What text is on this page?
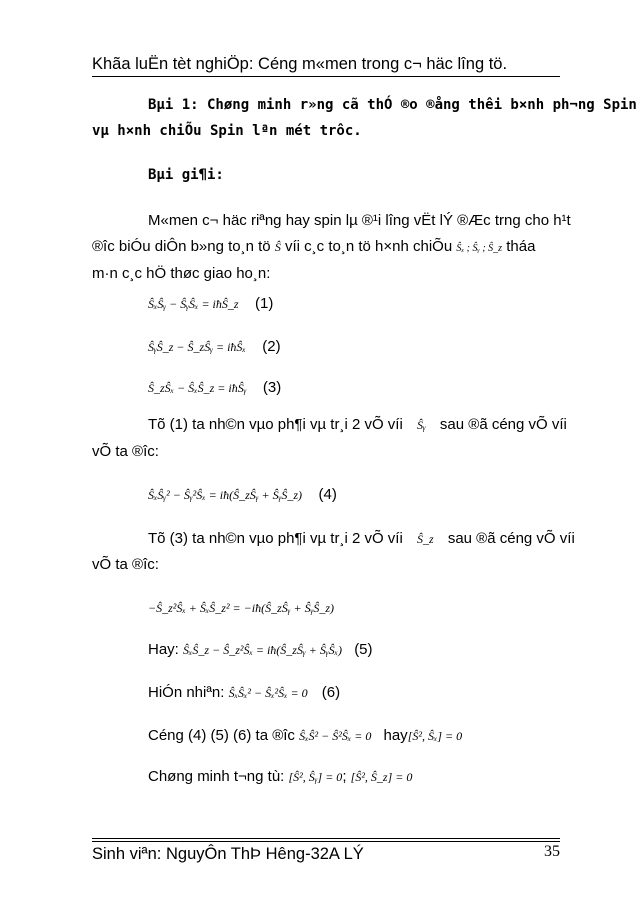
Khãa luËn tèt nghiÖp: Céng m«men trong c¬ häc lîng tö.
Bµi 1: Chøng minh r»ng cã thÓ ®o ®ång thêi b×nh ph¬ng Spin
vµ h×nh chiÕu Spin lªn mét trôc.
Bµi gi¶i:
M«men c¬ häc riªng hay spin lµ ®¹i lîng vËt lÝ ®Æc trng cho h¹t
®îc biÓu diÔn b»ng to¸n tö Ŝ víi c¸c to¸n tö h×nh chiÕu Ŝₓ ; Ŝᵧ ; Ŝ_z tháa
m·n c¸c hÖ thøc giao ho¸n:
ŜₓŜᵧ − ŜᵧŜₓ = iħŜ_z (1)
ŜᵧŜ_z − Ŝ_zŜᵧ = iħŜₓ (2)
Ŝ_zŜₓ − ŜₓŜ_z = iħŜᵧ (3)
Tõ (1) ta nh©n vµo ph¶i vµ tr¸i 2 vÕ víi Ŝᵧ sau ®ã céng vÕ víi
vÕ ta ®îc:
ŜₓŜᵧ² − Ŝᵧ²Ŝₓ = iħ(Ŝ_zŜᵧ + ŜᵧŜ_z) (4)
Tõ (3) ta nh©n vµo ph¶i vµ tr¸i 2 vÕ víi Ŝ_z sau ®ã céng vÕ víi
vÕ ta ®îc:
−Ŝ_z²Ŝₓ + ŜₓŜ_z² = −iħ(Ŝ_zŜᵧ + ŜᵧŜ_z)
Hay: ŜₓŜ_z − Ŝ_z²Ŝₓ = iħ(Ŝ_zŜᵧ + ŜᵧŜₓ) (5)
HiÓn nhiªn: ŜₓŜₓ² − Ŝₓ²Ŝₓ = 0 (6)
Céng (4) (5) (6) ta ®îc ŜₓŜ² − Ŝ²Ŝₓ = 0 hay[Ŝ², Ŝₓ] = 0
Chøng minh t¬ng tù: [Ŝ², Ŝᵧ] = 0; [Ŝ², Ŝ_z] = 0
Sinh viªn: NguyÔn ThÞ Hêng-32A LÝ	35
